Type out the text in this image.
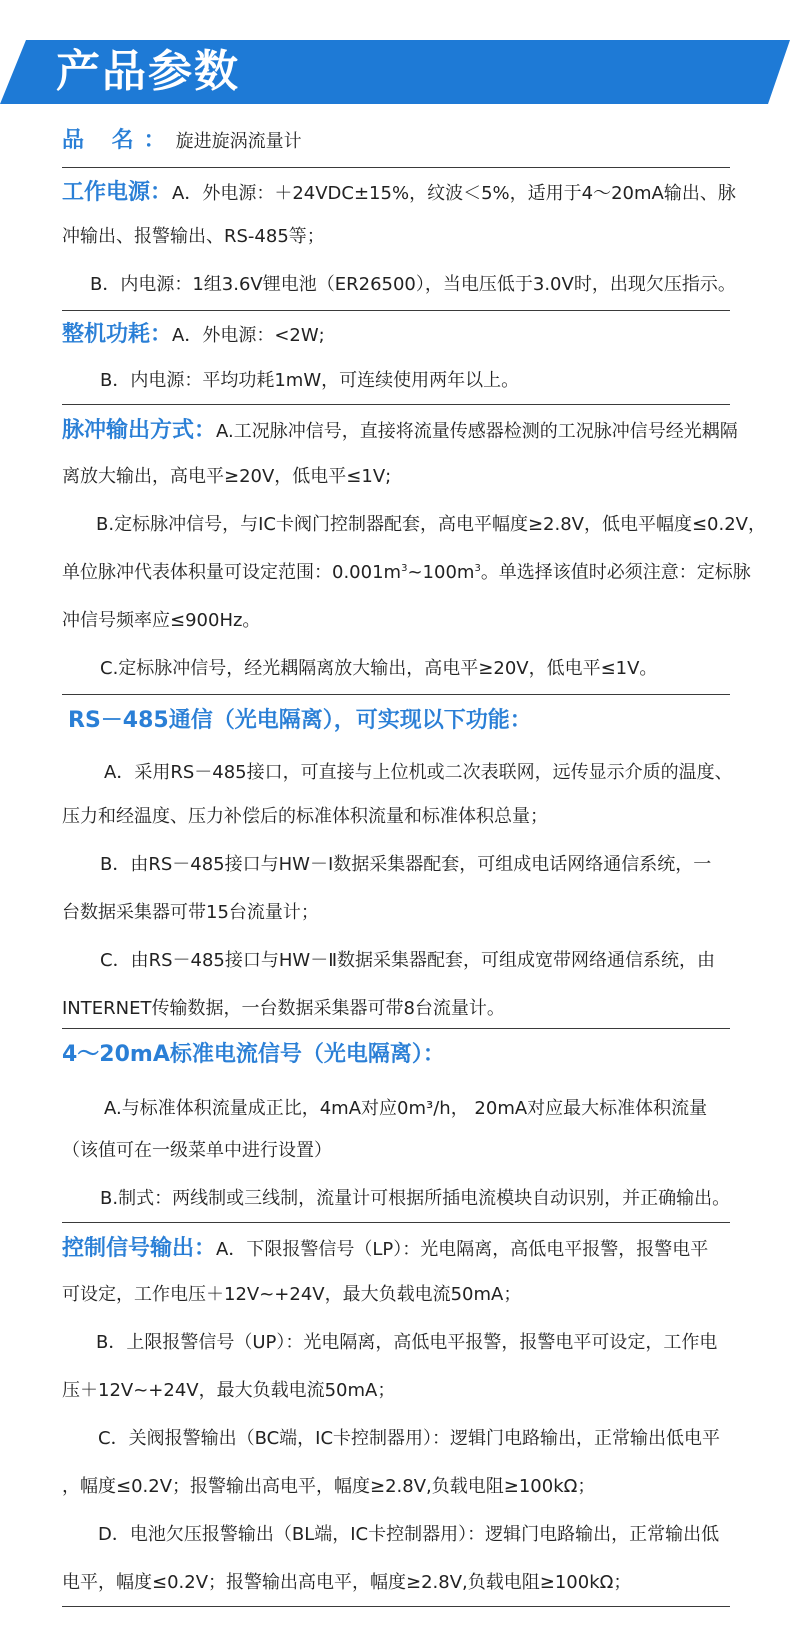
产品参数
品 名：旋进旋涡流量计
工作电源：A．外电源：＋24VDC±15%，纹波＜5%，适用于4～20mA输出、脉
冲输出、报警输出、RS-485等；
B．内电源：1组3.6V锂电池（ER26500），当电压低于3.0V时，出现欠压指示。
整机功耗：A．外电源：<2W;
B．内电源：平均功耗1mW，可连续使用两年以上。
脉冲输出方式：A.工况脉冲信号，直接将流量传感器检测的工况脉冲信号经光耦隔
离放大输出，高电平≥20V，低电平≤1V;
B.定标脉冲信号，与IC卡阀门控制器配套，高电平幅度≥2.8V，低电平幅度≤0.2V，
单位脉冲代表体积量可设定范围：$0.001m^3\sim 100m^3$。单选择该值时必须注意：定标脉
冲信号频率应≤900Hz。
C.定标脉冲信号，经光耦隔离放大输出，高电平≥20V，低电平≤1V。
RS－485通信（光电隔离），可实现以下功能：
A．采用RS－485接口，可直接与上位机或二次表联网，远传显示介质的温度、
压力和经温度、压力补偿后的标准体积流量和标准体积总量；
B．由RS－485接口与HW－Ⅰ数据采集器配套，可组成电话网络通信系统，一
台数据采集器可带15台流量计；
C．由RS－485接口与HW－Ⅱ数据采集器配套，可组成宽带网络通信系统，由
INTERNET传输数据，一台数据采集器可带8台流量计。
4～20mA标准电流信号（光电隔离）：
A.与标准体积流量成正比，4mA对应0m³/h， 20mA对应最大标准体积流量
（该值可在一级菜单中进行设置）
B.制式：两线制或三线制，流量计可根据所插电流模块自动识别，并正确输出。
控制信号输出：A．下限报警信号（LP）：光电隔离，高低电平报警，报警电平
可设定，工作电压＋12V~+24V，最大负载电流50mA；
B．上限报警信号（UP）：光电隔离，高低电平报警，报警电平可设定，工作电
压＋12V~+24V，最大负载电流50mA；
C．关阀报警输出（BC端，IC卡控制器用）：逻辑门电路输出，正常输出低电平
，幅度≤0.2V；报警输出高电平，幅度≥2.8V,负载电阻≥100kΩ；
D．电池欠压报警输出（BL端，IC卡控制器用）：逻辑门电路输出，正常输出低
电平，幅度≤0.2V；报警输出高电平，幅度≥2.8V,负载电阻≥100kΩ；
